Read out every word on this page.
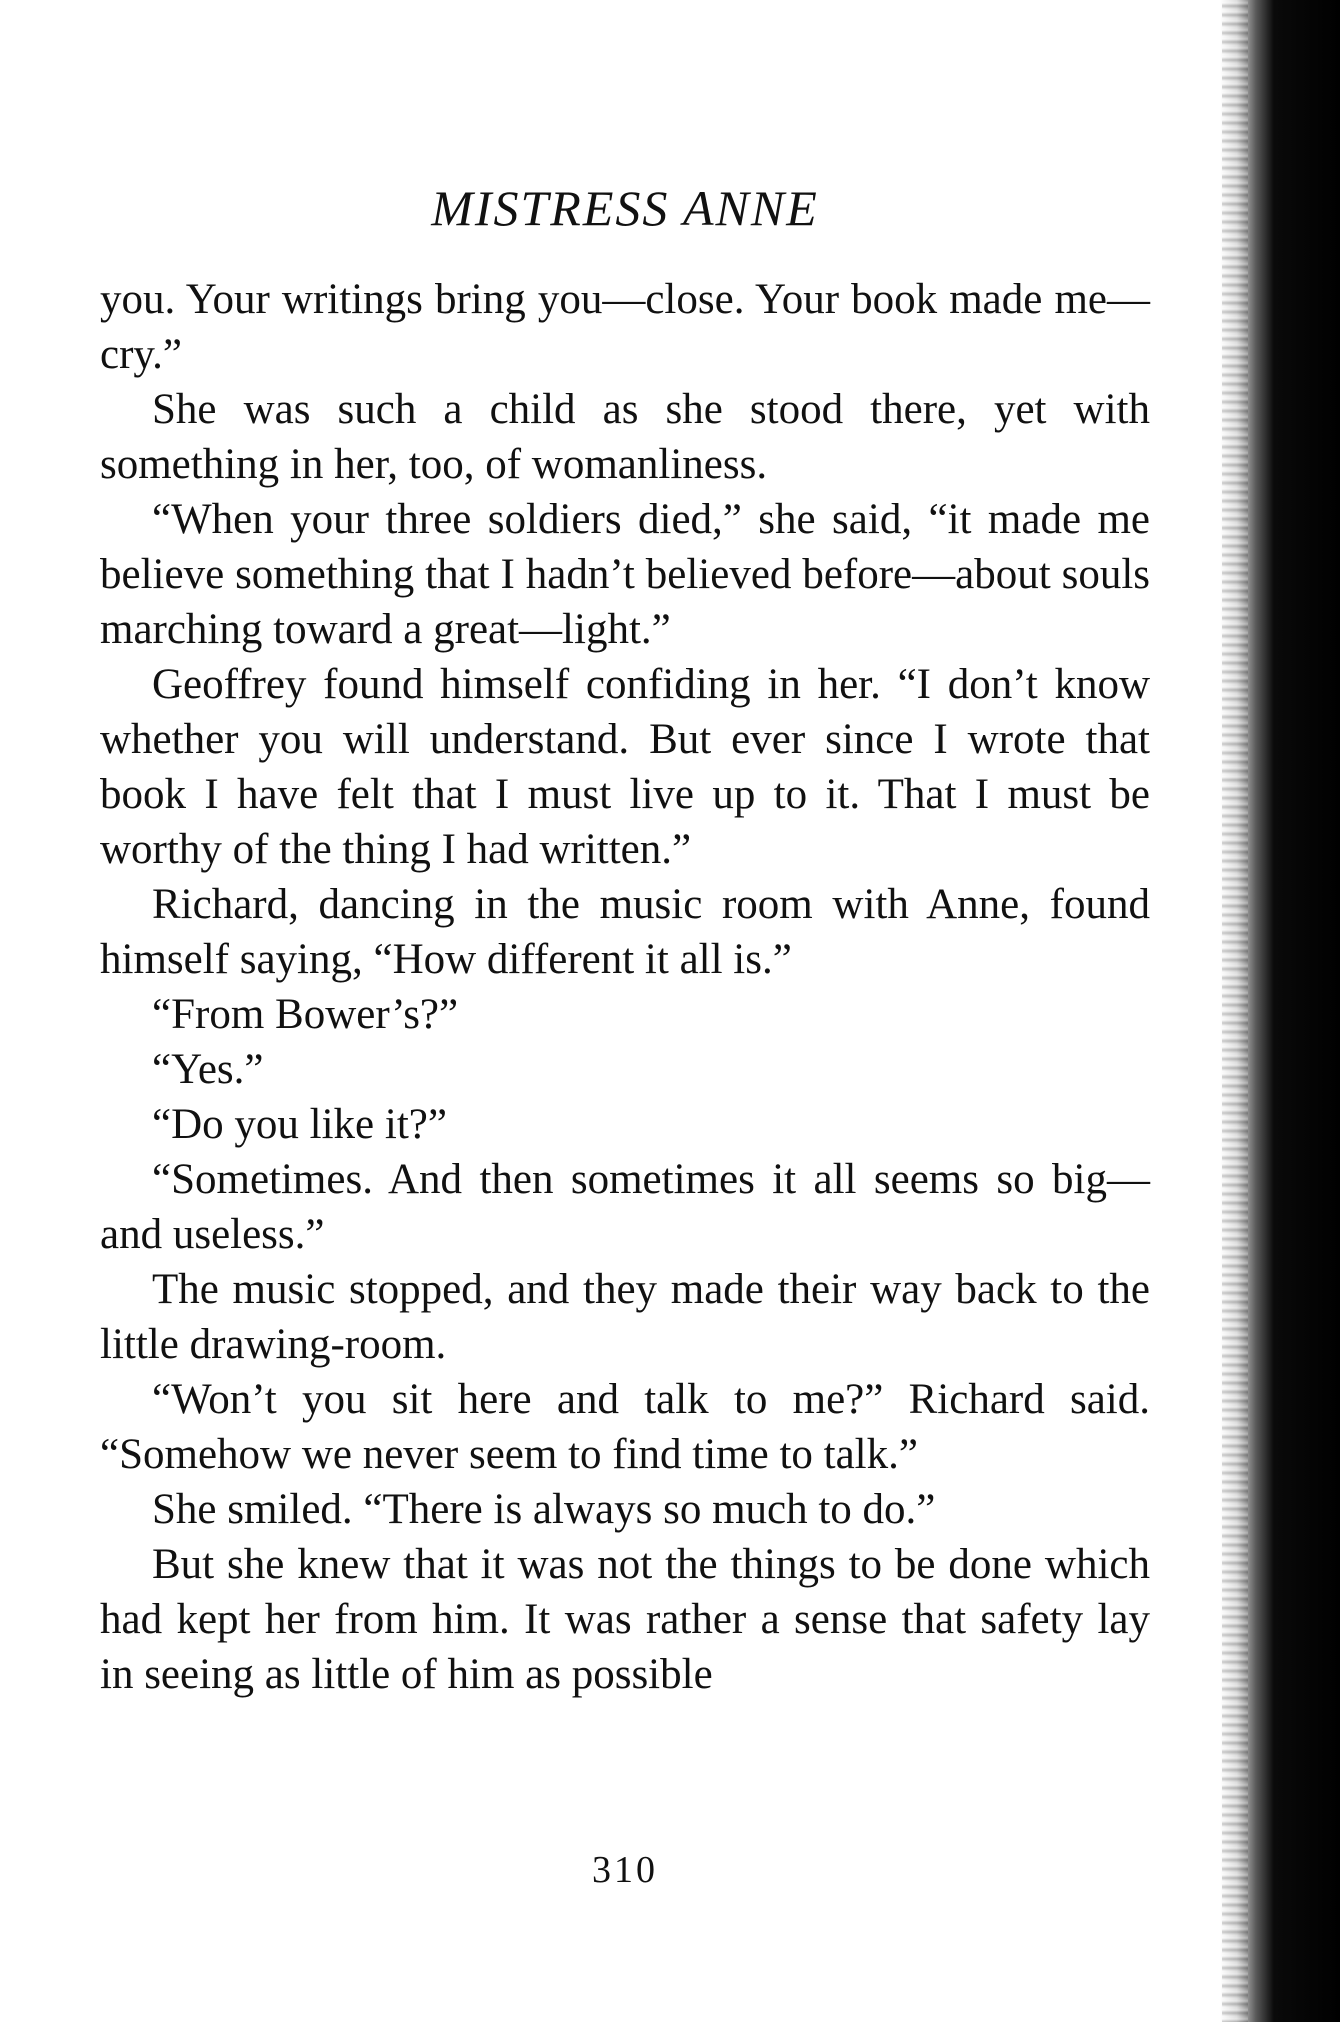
MISTRESS ANNE

you. Your writings bring you—close. Your book made me—cry.”

She was such a child as she stood there, yet with something in her, too, of womanliness.

“When your three soldiers died,” she said, “it made me believe something that I hadn’t believed before—about souls marching toward a great—light.”

Geoffrey found himself confiding in her. “I don’t know whether you will understand. But ever since I wrote that book I have felt that I must live up to it. That I must be worthy of the thing I had written.”

Richard, dancing in the music room with Anne, found himself saying, “How different it all is.”

“From Bower’s?”

“Yes.”

“Do you like it?”

“Sometimes. And then sometimes it all seems so big—and useless.”

The music stopped, and they made their way back to the little drawing-room.

“Won’t you sit here and talk to me?” Richard said. “Somehow we never seem to find time to talk.”

She smiled. “There is always so much to do.”

But she knew that it was not the things to be done which had kept her from him. It was rather a sense that safety lay in seeing as little of him as possible

310
